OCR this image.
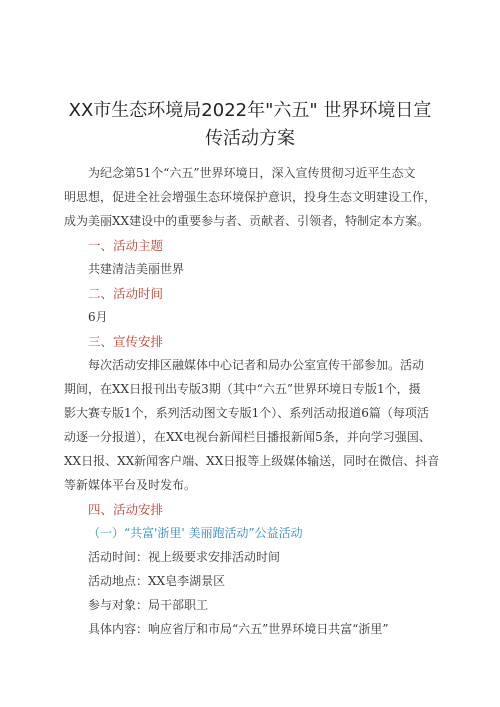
XX市生态环境局2022年"六五" 世界环境日宣
传活动方案
为纪念第51个“六五”世界环境日，深入宣传贯彻习近平生态文
明思想，促进全社会增强生态环境保护意识，投身生态文明建设工作，
成为美丽XX建设中的重要参与者、贡献者、引领者，特制定本方案。
一、活动主题
共建清洁美丽世界
二、活动时间
6月
三、宣传安排
每次活动安排区融媒体中心记者和局办公室宣传干部参加。活动
期间，在XX日报刊出专版3期（其中“六五”世界环境日专版1个，摄
影大赛专版1个，系列活动图文专版1个）、系列活动报道6篇（每项活
动逐一分报道），在XX电视台新闻栏目播报新闻5条，并向学习强国、
XX日报、XX新闻客户端、XX日报等上级媒体输送，同时在微信、抖音
等新媒体平台及时发布。
四、活动安排
（一）“共富'浙里' 美丽跑活动”公益活动
活动时间：视上级要求安排活动时间
活动地点：XX皂李湖景区
参与对象：局干部职工
具体内容：响应省厅和市局“六五”世界环境日共富“浙里”
